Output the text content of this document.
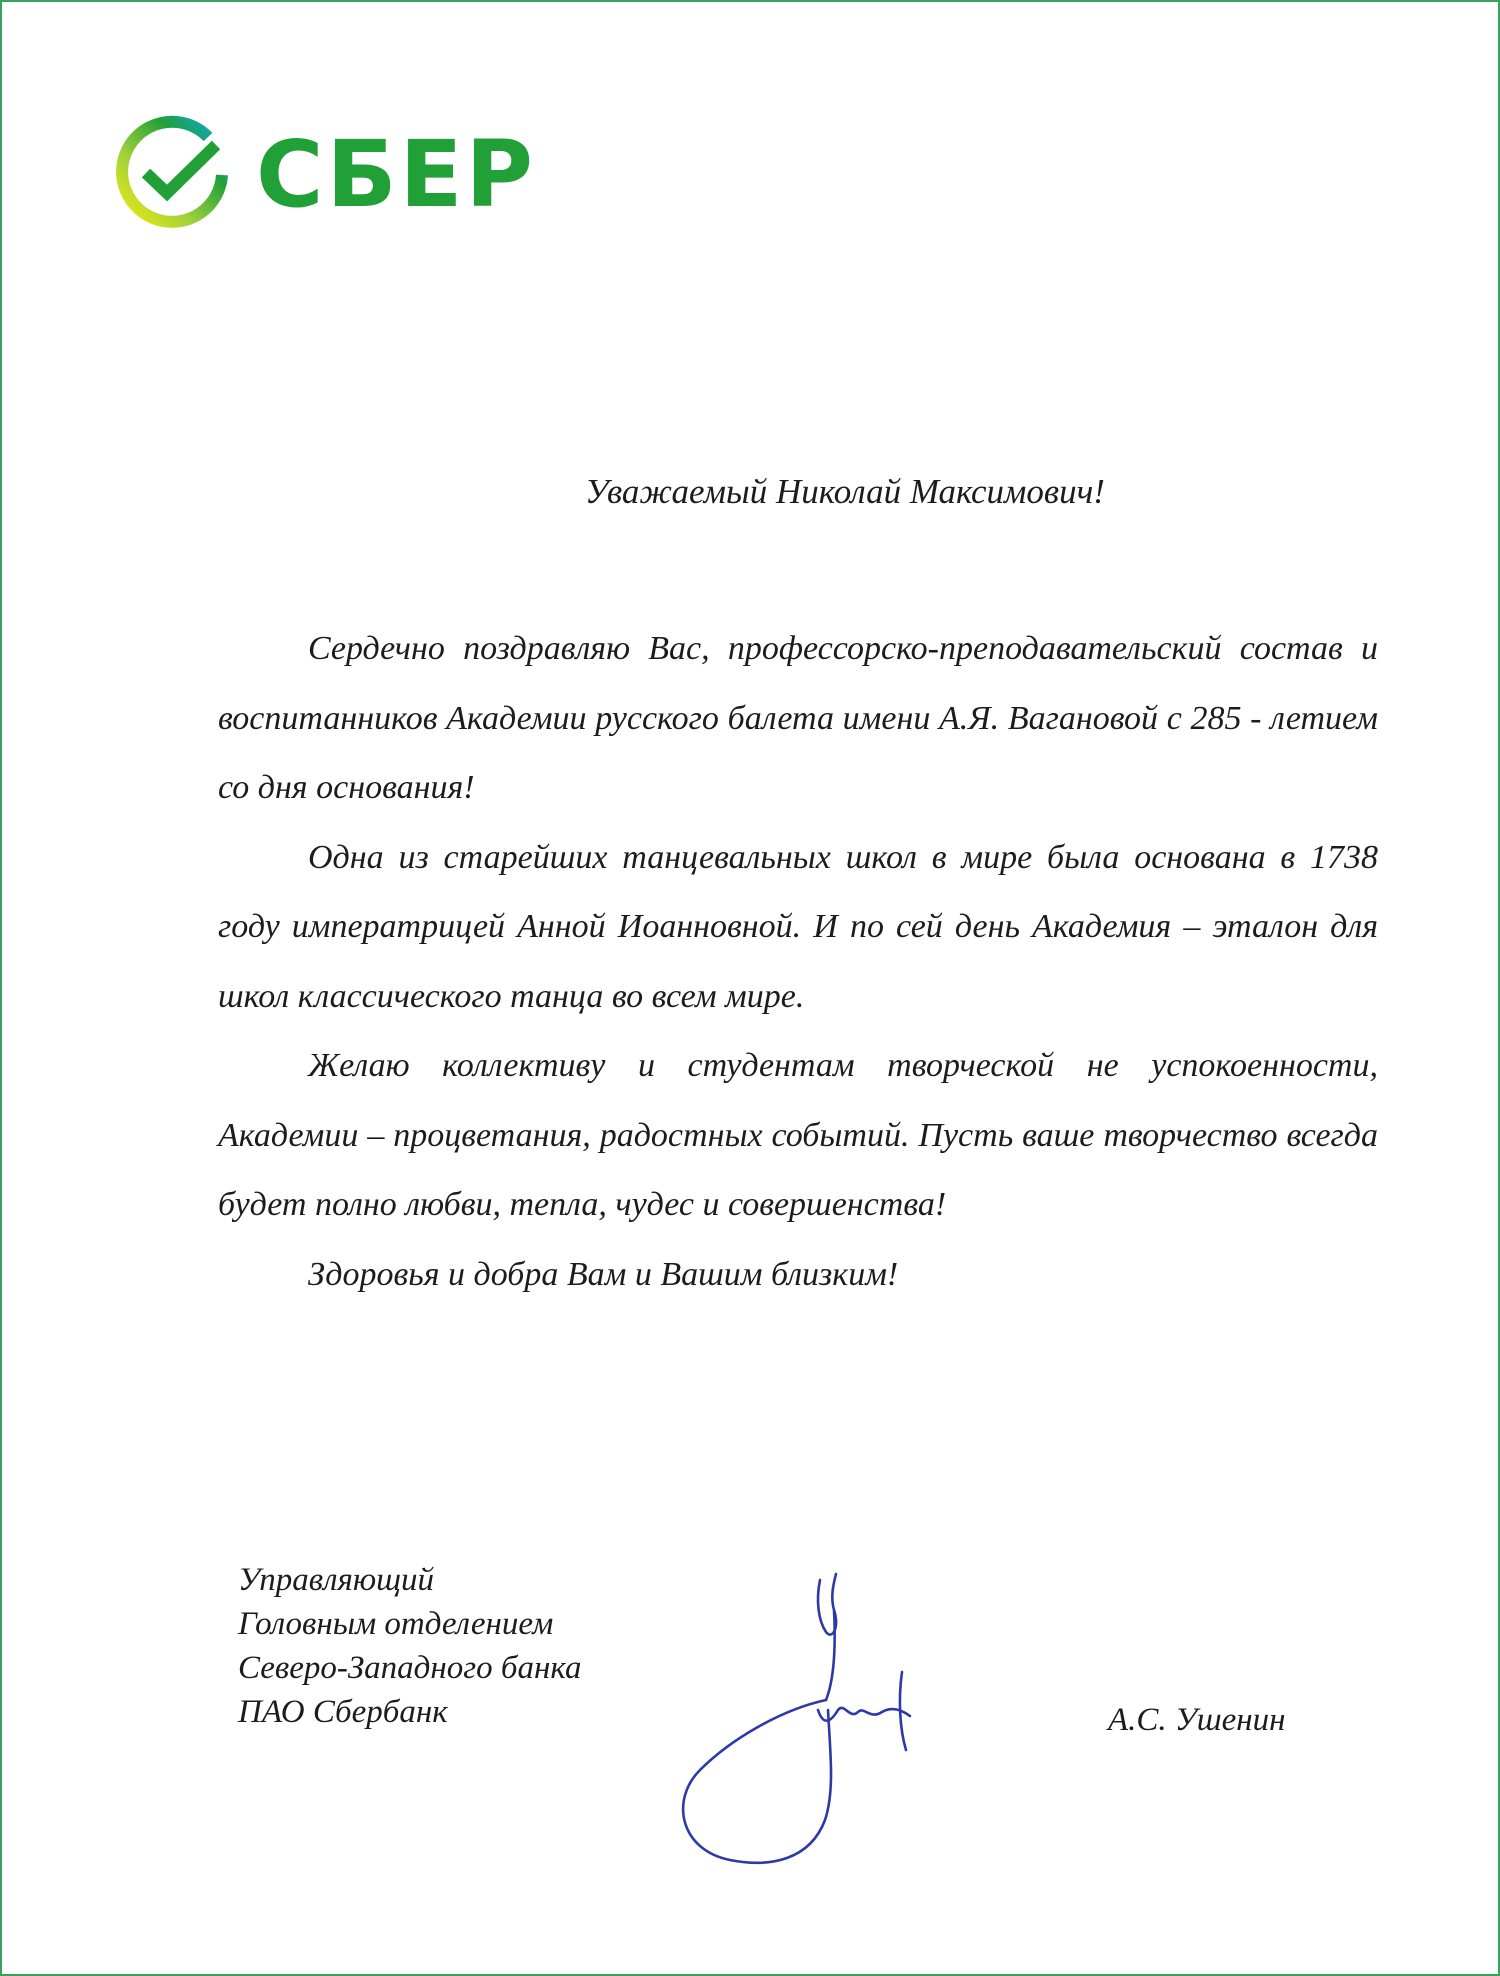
СБЕР
Уважаемый Николай Максимович!

Сердечно поздравляю Вас, профессорско-преподавательский состав и воспитанников Академии русского балета имени А.Я. Вагановой с 285 - летием со дня основания!

Одна из старейших танцевальных школ в мире была основана в 1738 году императрицей Анной Иоанновной. И по сей день Академия – эталон для школ классического танца во всем мире.

Желаю коллективу и студентам творческой не успокоенности, Академии – процветания, радостных событий. Пусть ваше творчество всегда будет полно любви, тепла, чудес и совершенства!

Здоровья и добра Вам и Вашим близким!

Управляющий
Головным отделением
Северо-Западного банка
ПАО Сбербанк	А.С. Ушенин
